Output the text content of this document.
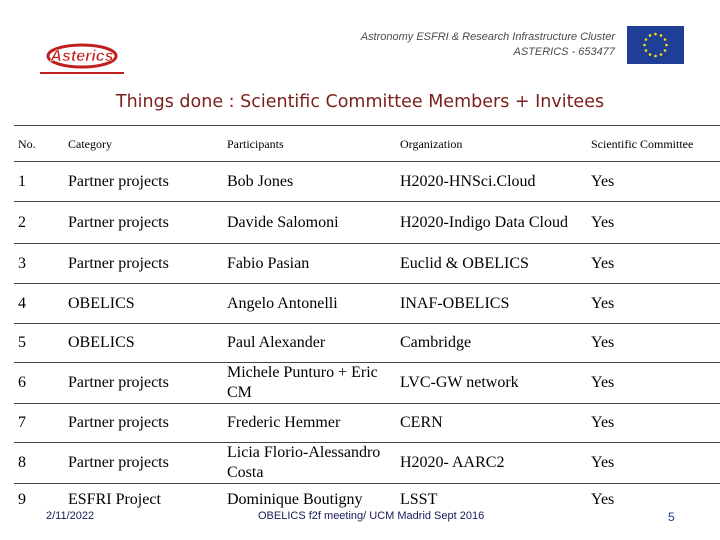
Astronomy ESFRI & Research Infrastructure Cluster
ASTERICS - 653477
Asterics
Things done : Scientific Committee Members + Invitees
No.	Category	Participants	Organization	Scientific Committee
1	Partner projects	Bob Jones	H2020-HNSci.Cloud	Yes
2	Partner projects	Davide Salomoni	H2020-Indigo Data Cloud	Yes
3	Partner projects	Fabio Pasian	Euclid & OBELICS	Yes
4	OBELICS	Angelo Antonelli	INAF-OBELICS	Yes
5	OBELICS	Paul Alexander	Cambridge	Yes
6	Partner projects	Michele Punturo + Eric CM	LVC-GW network	Yes
7	Partner projects	Frederic Hemmer	CERN	Yes
8	Partner projects	Licia Florio-Alessandro Costa	H2020- AARC2	Yes
9	ESFRI Project	Dominique Boutigny	LSST	Yes
2/11/2022	OBELICS f2f meeting/ UCM Madrid Sept 2016	5
